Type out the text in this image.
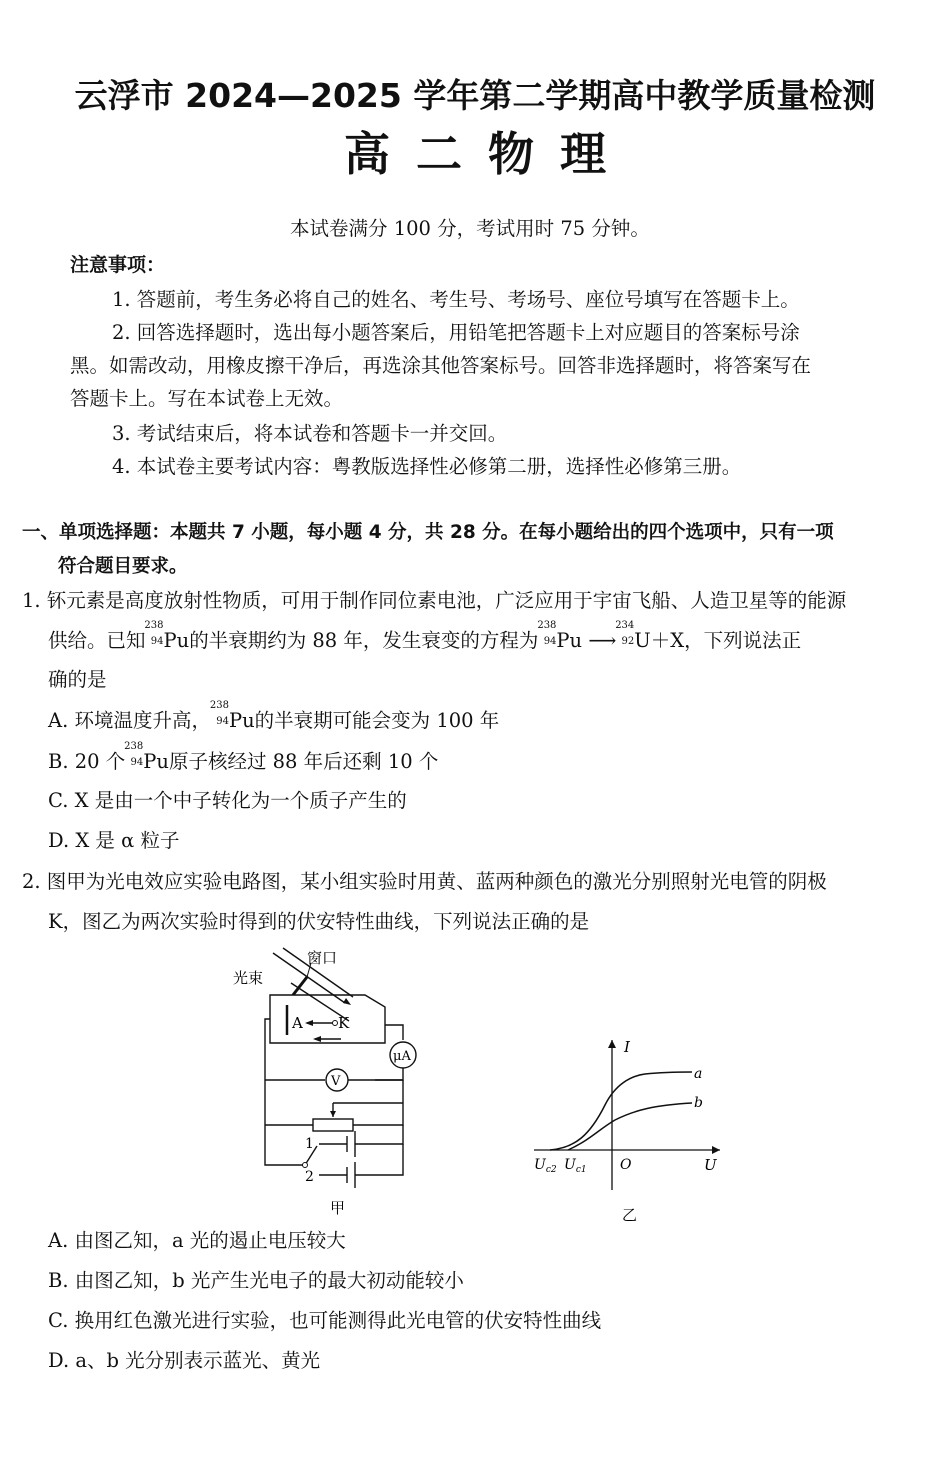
云浮市 2024—2025 学年第二学期高中教学质量检测
高二物理
本试卷满分 100 分，考试用时 75 分钟。
注意事项：
1. 答题前，考生务必将自己的姓名、考生号、考场号、座位号填写在答题卡上。
2. 回答选择题时，选出每小题答案后，用铅笔把答题卡上对应题目的答案标号涂
黑。如需改动，用橡皮擦干净后，再选涂其他答案标号。回答非选择题时，将答案写在
答题卡上。写在本试卷上无效。
3. 考试结束后，将本试卷和答题卡一并交回。
4. 本试卷主要考试内容：粤教版选择性必修第二册，选择性必修第三册。
一、单项选择题：本题共 7 小题，每小题 4 分，共 28 分。在每小题给出的四个选项中，只有一项
符合题目要求。
1. 钚元素是高度放射性物质，可用于制作同位素电池，广泛应用于宇宙飞船、人造卫星等的能源
供给。已知
238
94 Pu的半衰期约为 88 年，发生衰变的方程为
238
94 Pu ⟶
234
92 U＋X，下列说法正
确的是
A. 环境温度升高，
238
94 Pu的半衰期可能会变为 100 年
B. 20 个
238
94 Pu原子核经过 88 年后还剩 10 个
C. X 是由一个中子转化为一个质子产生的
D. X 是 α 粒子
2. 图甲为光电效应实验电路图，某小组实验时用黄、蓝两种颜色的激光分别照射光电管的阴极
K，图乙为两次实验时得到的伏安特性曲线，下列说法正确的是
窗口
光束
A K
μA
V
1
2
甲
I
U
O
$U_{c2}$ $U_{c1}$
a
b
乙
A. 由图乙知，a 光的遏止电压较大
B. 由图乙知，b 光产生光电子的最大初动能较小
C. 换用红色激光进行实验，也可能测得此光电管的伏安特性曲线
D. a、b 光分别表示蓝光、黄光
